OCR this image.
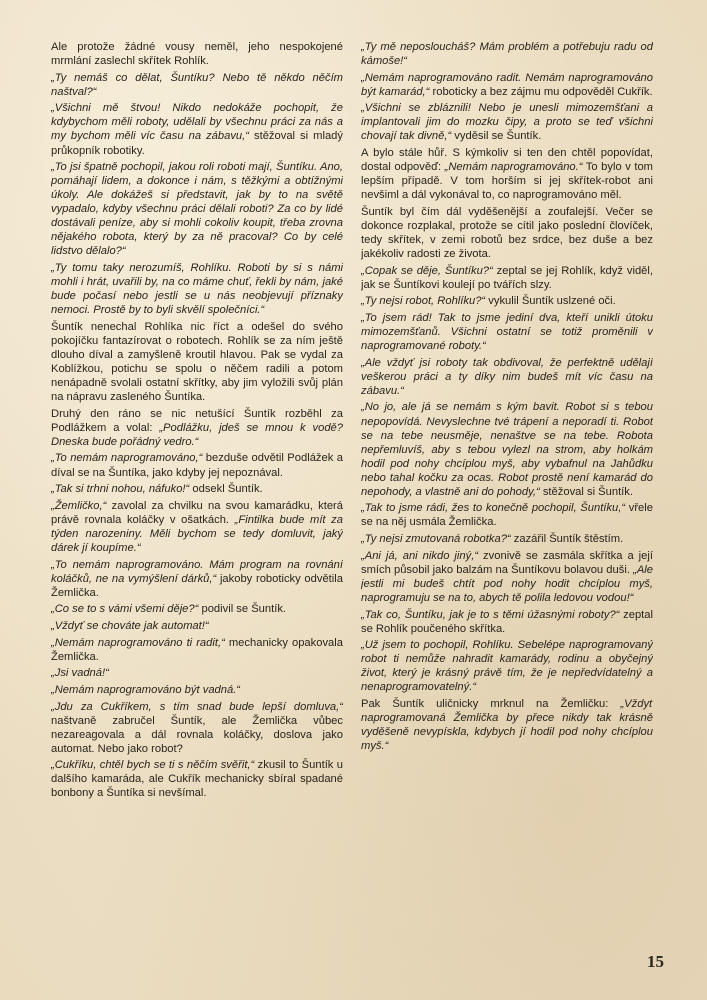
Ale protože žádné vousy neměl, jeho nespokojené mrmlání zaslechl skřítek Rohlík.

„Ty nemáš co dělat, Šuntíku? Nebo tě někdo něčím naštval?“

„Všichni mě štvou! Nikdo nedokáže pochopit, že kdybychom měli roboty, udělali by všechnu práci za nás a my bychom měli víc času na zábavu,“ stěžoval si mladý průkopník robotiky.

„To jsi špatně pochopil, jakou roli roboti mají, Šuntíku. Ano, pomáhají lidem, a dokonce i nám, s těžkými a obtížnými úkoly. Ale dokážeš si představit, jak by to na světě vypadalo, kdyby všechnu práci dělali roboti? Za co by lidé dostávali peníze, aby si mohli cokoliv koupit, třeba zrovna nějakého robota, který by za ně pracoval? Co by celé lidstvo dělalo?“

„Ty tomu taky nerozumíš, Rohlíku. Roboti by si s námi mohli i hrát, uvařili by, na co máme chuť, řekli by nám, jaké bude počasí nebo jestli se u nás neobjevují příznaky nemoci. Prostě by to byli skvělí společníci.“

Šuntík nenechal Rohlíka nic říct a odešel do svého pokojíčku fantazírovat o robotech. Rohlík se za ním ještě dlouho díval a zamyšleně kroutil hlavou. Pak se vydal za Koblížkou, potichu se spolu o něčem radili a potom nenápadně svolali ostatní skřítky, aby jim vyložili svůj plán na nápravu zasleného Šuntíka.

Druhý den ráno se nic netušící Šuntík rozběhl za Podlážkem a volal: „Podlážku, jdeš se mnou k vodě? Dneska bude pořádný vedro.“

„To nemám naprogramováno,“ bezduše odvětil Podlážek a díval se na Šuntíka, jako kdyby jej nepoznával.

„Tak si trhni nohou, náfuko!“ odsekl Šuntík.

„Žemličko,“ zavolal za chvilku na svou kamarádku, která právě rovnala koláčky v ošatkách. „Fintilka bude mít za týden narozeniny. Měli bychom se tedy domluvit, jaký dárek jí koupíme.“

„To nemám naprogramováno. Mám program na rovnání koláčků, ne na vymýšlení dárků,“ jakoby roboticky odvětila Žemlička.

„Co se to s vámi všemi děje?“ podivil se Šuntík.

„Vždyť se chováte jak automat!“

„Nemám naprogramováno ti radit,“ mechanicky opakovala Žemlička.

„Jsi vadná!“

„Nemám naprogramováno být vadná.“

„Jdu za Cukříkem, s tím snad bude lepší domluva,“ naštvaně zabručel Šuntík, ale Žemlička vůbec nezareagovala a dál rovnala koláčky, doslova jako automat. Nebo jako robot?

„Cukříku, chtěl bych se ti s něčím svěřit,“ zkusil to Šuntík u dalšího kamaráda, ale Cukřík mechanicky sbíral spadané bonbony a Šuntíka si nevšímal.

„Ty mě neposloucháš? Mám problém a potřebuju radu od kámoše!“

„Nemám naprogramováno radit. Nemám naprogramováno být kamarád,“ roboticky a bez zájmu mu odpověděl Cukřík.

„Všichni se zbláznili! Nebo je unesli mimozemšťani a implantovali jim do mozku čipy, a proto se teď všichni chovají tak divně,“ vyděsil se Šuntík.

A bylo stále hůř. S kýmkoliv si ten den chtěl popovídat, dostal odpověď: „Nemám naprogramováno.“ To bylo v tom lepším případě. V tom horším si jej skřítek-robot ani nevšiml a dál vykonával to, co naprogramováno měl.

Šuntík byl čím dál vyděšenější a zoufalejší. Večer se dokonce rozplakal, protože se cítil jako poslední človíček, tedy skřítek, v zemi robotů bez srdce, bez duše a bez jakékoliv radosti ze života.

„Copak se děje, Šuntíku?“ zeptal se jej Rohlík, když viděl, jak se Šuntíkovi koulejí po tvářích slzy.

„Ty nejsi robot, Rohlíku?“ vykulil Šuntík uslzené oči.

„To jsem rád! Tak to jsme jediní dva, kteří unikli útoku mimozemšťanů. Všichni ostatní se totiž proměnili v naprogramované roboty.“

„Ale vždyť jsi roboty tak obdivoval, že perfektně udělají veškerou práci a ty díky nim budeš mít víc času na zábavu.“

„No jo, ale já se nemám s kým bavit. Robot si s tebou nepopovídá. Nevyslechne tvé trápení a neporadí ti. Robot se na tebe neusměje, nenaštve se na tebe. Robota nepřemluvíš, aby s tebou vylezl na strom, aby holkám hodil pod nohy chcíplou myš, aby vybafnul na Jahůdku nebo tahal kočku za ocas. Robot prostě není kamarád do nepohody, a vlastně ani do pohody,“ stěžoval si Šuntík.

„Tak to jsme rádi, žes to konečně pochopil, Šuntíku,“ vřele se na něj usmála Žemlička.

„Ty nejsi zmutovaná robotka?“ zazářil Šuntík štěstím.

„Ani já, ani nikdo jiný,“ zvonivě se zasmála skřítka a její smích působil jako balzám na Šuntíkovu bolavou duši. „Ale jestli mi budeš chtít pod nohy hodit chcíplou myš, naprogramuju se na to, abych tě polila ledovou vodou!“

„Tak co, Šuntíku, jak je to s těmi úžasnými roboty?“ zeptal se Rohlík poučeného skřítka.

„Už jsem to pochopil, Rohlíku. Sebelépe naprogramovaný robot ti nemůže nahradit kamarády, rodinu a obyčejný život, který je krásný právě tím, že je nepředvídatelný a nenaprogramovatelný.“

Pak Šuntík uličnicky mrknul na Žemličku: „Vždyť naprogramovaná Žemlička by přece nikdy tak krásně vyděšeně nevypískla, kdybych jí hodil pod nohy chcíplou myš.“

15
